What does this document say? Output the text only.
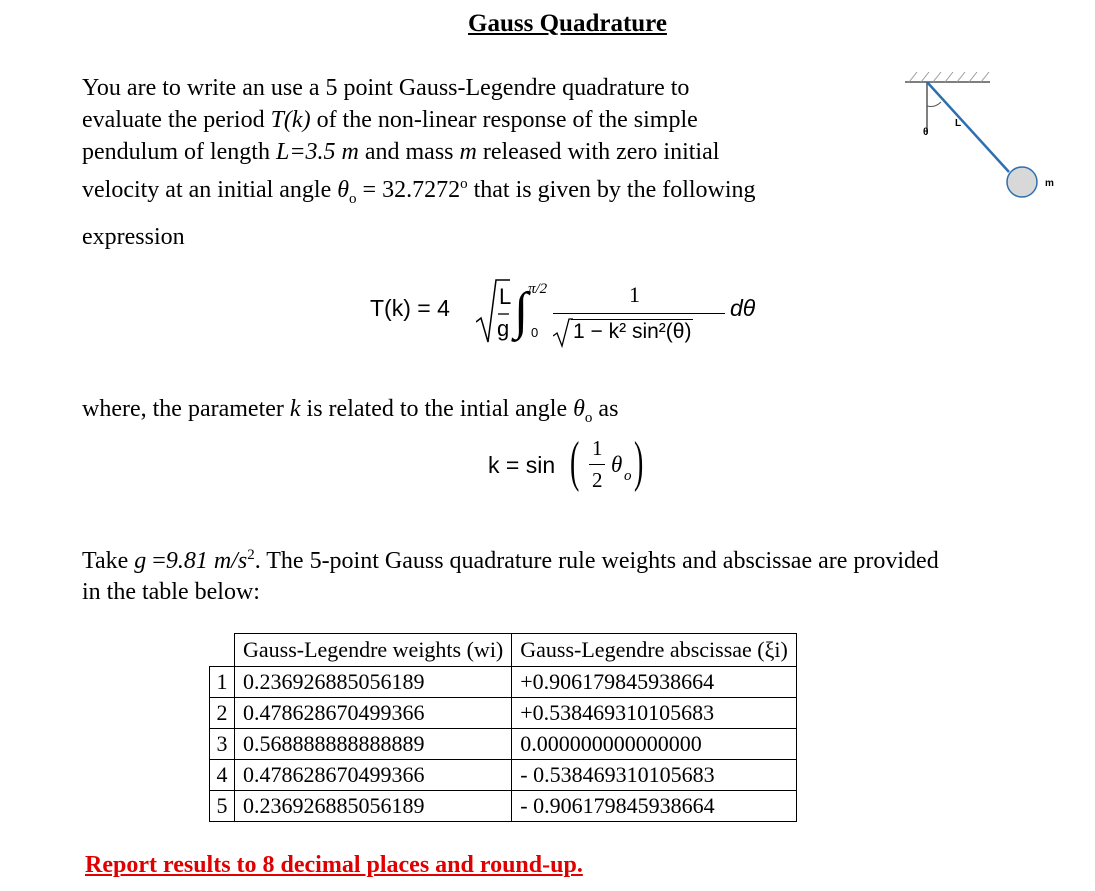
Gauss Quadrature
You are to write an use a 5 point Gauss-Legendre quadrature to
evaluate the period T(k) of the non-linear response of the simple
pendulum of length L=3.5 m and mass m released with zero initial
velocity at an initial angle $\theta_o = 32.7272^o$ that is given by the following
expression
θ
L
m
T(k) = 4 L
g ∫ π/2
0
1
1 − k² sin²(θ)
dθ
where, the parameter k is related to the intial angle $\theta_o$ as
k = sin ( 1
2
θ o )
Take g =9.81 $m/s^2$. The 5-point Gauss quadrature rule weights and abscissae are provided
in the table below:
	Gauss-Legendre weights (wi)	Gauss-Legendre abscissae (ξi)
1	0.236926885056189	+0.906179845938664
2	0.478628670499366	+0.538469310105683
3	0.568888888888889	0.000000000000000
4	0.478628670499366	- 0.538469310105683
5	0.236926885056189	- 0.906179845938664
Report results to 8 decimal places and round-up.
